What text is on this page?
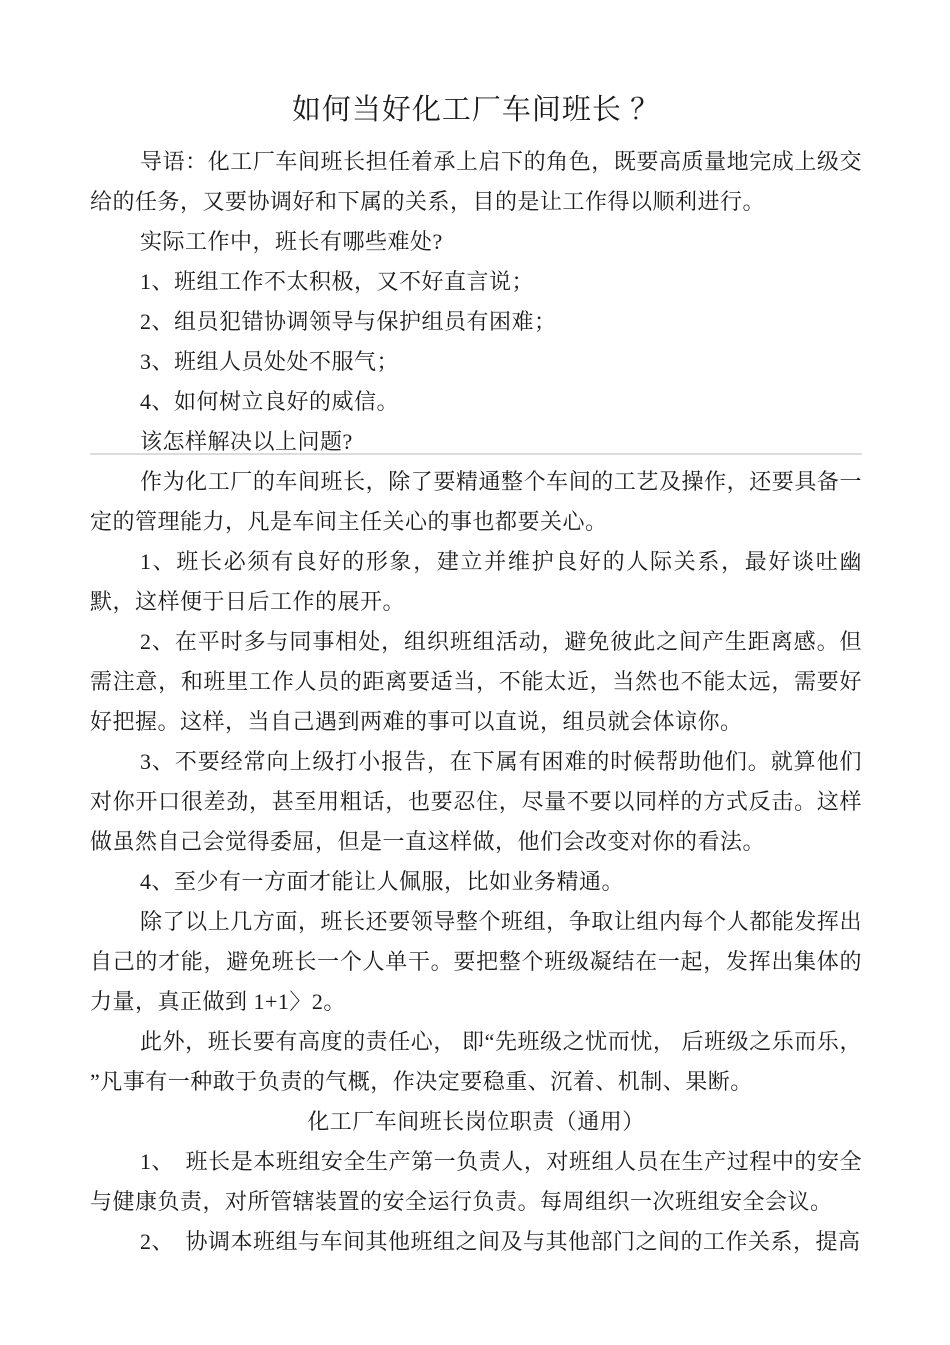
如何当好化工厂车间班长 ？

导语：化工厂车间班长担任着承上启下的角色，既要高质量地完成上级交给的任务，又要协调好和下属的关系，目的是让工作得以顺利进行。

实际工作中，班长有哪些难处?

1、班组工作不太积极，又不好直言说；

2、组员犯错协调领导与保护组员有困难；

3、班组人员处处不服气；

4、如何树立良好的威信。

该怎样解决以上问题?

作为化工厂的车间班长，除了要精通整个车间的工艺及操作，还要具备一定的管理能力，凡是车间主任关心的事也都要关心。

1、班长必须有良好的形象，建立并维护良好的人际关系，最好谈吐幽默，这样便于日后工作的展开。

2、在平时多与同事相处，组织班组活动，避免彼此之间产生距离感。但需注意，和班里工作人员的距离要适当，不能太近，当然也不能太远，需要好好把握。这样，当自己遇到两难的事可以直说，组员就会体谅你。

3、不要经常向上级打小报告，在下属有困难的时候帮助他们。就算他们对你开口很差劲，甚至用粗话，也要忍住，尽量不要以同样的方式反击。这样做虽然自己会觉得委屈，但是一直这样做，他们会改变对你的看法。

4、至少有一方面才能让人佩服，比如业务精通。

除了以上几方面，班长还要领导整个班组，争取让组内每个人都能发挥出自己的才能，避免班长一个人单干。要把整个班级凝结在一起，发挥出集体的力量，真正做到 1+1〉2。

此外，班长要有高度的责任心， 即“先班级之忧而忧， 后班级之乐而乐， ”凡事有一种敢于负责的气概，作决定要稳重、沉着、机制、果断。

化工厂车间班长岗位职责（通用）

1、　班长是本班组安全生产第一负责人，对班组人员在生产过程中的安全与健康负责，对所管辖装置的安全运行负责。每周组织一次班组安全会议。

2、　协调本班组与车间其他班组之间及与其他部门之间的工作关系，提高
